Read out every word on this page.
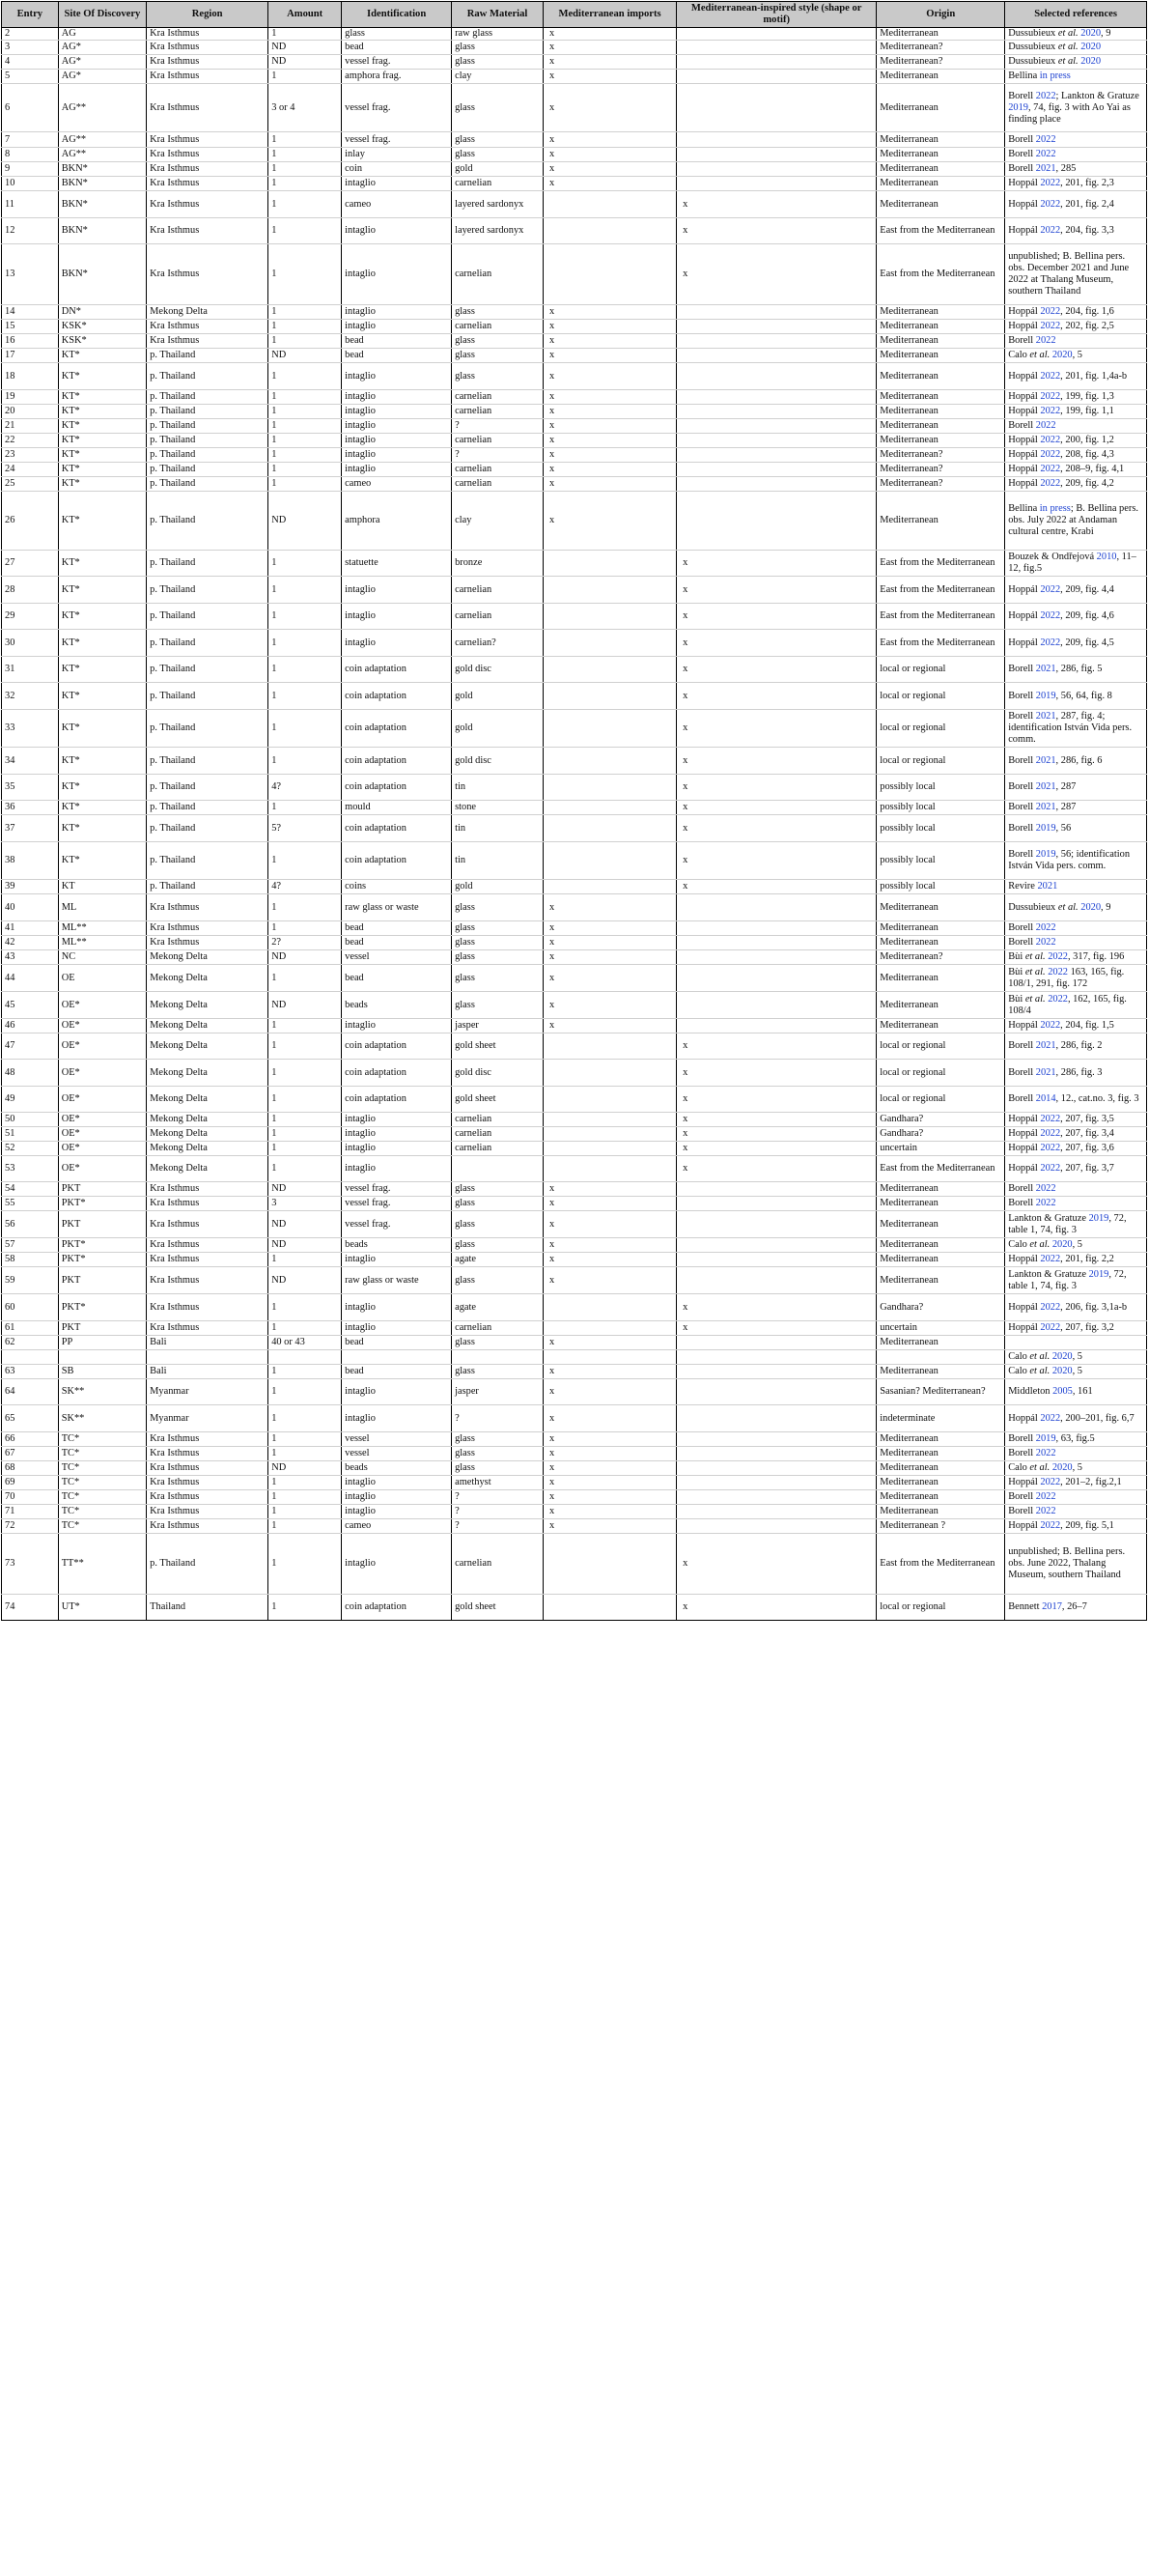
Entry	Site Of Discovery	Region	Amount	Identification	Raw Material	Mediterranean imports	Mediterranean-inspired style (shape or motif)	Origin	Selected references
2	AG	Kra Isthmus	1	glass	raw glass	x		Mediterranean	Dussubieux et al. 2020, 9
3	AG*	Kra Isthmus	ND	bead	glass	x		Mediterranean?	Dussubieux et al. 2020
4	AG*	Kra Isthmus	ND	vessel frag.	glass	x		Mediterranean?	Dussubieux et al. 2020
5	AG*	Kra Isthmus	1	amphora frag.	clay	x		Mediterranean	Bellina in press
6	AG**	Kra Isthmus	3 or 4	vessel frag.	glass	x		Mediterranean	Borell 2022; Lankton & Gratuze 2019, 74, fig. 3 with Ao Yai as finding place
7	AG**	Kra Isthmus	1	vessel frag.	glass	x		Mediterranean	Borell 2022
8	AG**	Kra Isthmus	1	inlay	glass	x		Mediterranean	Borell 2022
9	BKN*	Kra Isthmus	1	coin	gold	x		Mediterranean	Borell 2021, 285
10	BKN*	Kra Isthmus	1	intaglio	carnelian	x		Mediterranean	Hoppál 2022, 201, fig. 2,3
11	BKN*	Kra Isthmus	1	cameo	layered sardonyx		x	Mediterranean	Hoppál 2022, 201, fig. 2,4
12	BKN*	Kra Isthmus	1	intaglio	layered sardonyx		x	East from the Mediterranean	Hoppál 2022, 204, fig. 3,3
13	BKN*	Kra Isthmus	1	intaglio	carnelian		x	East from the Mediterranean	unpublished; B. Bellina pers. obs. December 2021 and June 2022 at Thalang Museum, southern Thailand
14	DN*	Mekong Delta	1	intaglio	glass	x		Mediterranean	Hoppál 2022, 204, fig. 1,6
15	KSK*	Kra Isthmus	1	intaglio	carnelian	x		Mediterranean	Hoppál 2022, 202, fig. 2,5
16	KSK*	Kra Isthmus	1	bead	glass	x		Mediterranean	Borell 2022
17	KT*	p. Thailand	ND	bead	glass	x		Mediterranean	Calo et al. 2020, 5
18	KT*	p. Thailand	1	intaglio	glass	x		Mediterranean	Hoppál 2022, 201, fig. 1,4a-b
19	KT*	p. Thailand	1	intaglio	carnelian	x		Mediterranean	Hoppál 2022, 199, fig. 1,3
20	KT*	p. Thailand	1	intaglio	carnelian	x		Mediterranean	Hoppál 2022, 199, fig. 1,1
21	KT*	p. Thailand	1	intaglio	?	x		Mediterranean	Borell 2022
22	KT*	p. Thailand	1	intaglio	carnelian	x		Mediterranean	Hoppál 2022, 200, fig. 1,2
23	KT*	p. Thailand	1	intaglio	?	x		Mediterranean?	Hoppál 2022, 208, fig. 4,3
24	KT*	p. Thailand	1	intaglio	carnelian	x		Mediterranean?	Hoppál 2022, 208–9, fig. 4,1
25	KT*	p. Thailand	1	cameo	carnelian	x		Mediterranean?	Hoppál 2022, 209, fig. 4,2
26	KT*	p. Thailand	ND	amphora	clay	x		Mediterranean	Bellina in press; B. Bellina pers. obs. July 2022 at Andaman cultural centre, Krabi
27	KT*	p. Thailand	1	statuette	bronze		x	East from the Mediterranean	Bouzek & Ondřejová 2010, 11–12, fig.5
28	KT*	p. Thailand	1	intaglio	carnelian		x	East from the Mediterranean	Hoppál 2022, 209, fig. 4,4
29	KT*	p. Thailand	1	intaglio	carnelian		x	East from the Mediterranean	Hoppál 2022, 209, fig. 4,6
30	KT*	p. Thailand	1	intaglio	carnelian?		x	East from the Mediterranean	Hoppál 2022, 209, fig. 4,5
31	KT*	p. Thailand	1	coin adaptation	gold disc		x	local or regional	Borell 2021, 286, fig. 5
32	KT*	p. Thailand	1	coin adaptation	gold		x	local or regional	Borell 2019, 56, 64, fig. 8
33	KT*	p. Thailand	1	coin adaptation	gold		x	local or regional	Borell 2021, 287, fig. 4; identification István Vida pers. comm.
34	KT*	p. Thailand	1	coin adaptation	gold disc		x	local or regional	Borell 2021, 286, fig. 6
35	KT*	p. Thailand	4?	coin adaptation	tin		x	possibly local	Borell 2021, 287
36	KT*	p. Thailand	1	mould	stone		x	possibly local	Borell 2021, 287
37	KT*	p. Thailand	5?	coin adaptation	tin		x	possibly local	Borell 2019, 56
38	KT*	p. Thailand	1	coin adaptation	tin		x	possibly local	Borell 2019, 56; identification István Vida pers. comm.
39	KT	p. Thailand	4?	coins	gold		x	possibly local	Revire 2021
40	ML	Kra Isthmus	1	raw glass or waste	glass	x		Mediterranean	Dussubieux et al. 2020, 9
41	ML**	Kra Isthmus	1	bead	glass	x		Mediterranean	Borell 2022
42	ML**	Kra Isthmus	2?	bead	glass	x		Mediterranean	Borell 2022
43	NC	Mekong Delta	ND	vessel	glass	x		Mediterranean?	Bùi et al. 2022, 317, fig. 196
44	OE	Mekong Delta	1	bead	glass	x		Mediterranean	Bùi et al. 2022 163, 165, fig. 108/1, 291, fig. 172
45	OE*	Mekong Delta	ND	beads	glass	x		Mediterranean	Bùi et al. 2022, 162, 165, fig. 108/4
46	OE*	Mekong Delta	1	intaglio	jasper	x		Mediterranean	Hoppál 2022, 204, fig. 1,5
47	OE*	Mekong Delta	1	coin adaptation	gold sheet		x	local or regional	Borell 2021, 286, fig. 2
48	OE*	Mekong Delta	1	coin adaptation	gold disc		x	local or regional	Borell 2021, 286, fig. 3
49	OE*	Mekong Delta	1	coin adaptation	gold sheet		x	local or regional	Borell 2014, 12., cat.no. 3, fig. 3
50	OE*	Mekong Delta	1	intaglio	carnelian		x	Gandhara?	Hoppál 2022, 207, fig. 3,5
51	OE*	Mekong Delta	1	intaglio	carnelian		x	Gandhara?	Hoppál 2022, 207, fig. 3,4
52	OE*	Mekong Delta	1	intaglio	carnelian		x	uncertain	Hoppál 2022, 207, fig. 3,6
53	OE*	Mekong Delta	1	intaglio			x	East from the Mediterranean	Hoppál 2022, 207, fig. 3,7
54	PKT	Kra Isthmus	ND	vessel frag.	glass	x		Mediterranean	Borell 2022
55	PKT*	Kra Isthmus	3	vessel frag.	glass	x		Mediterranean	Borell 2022
56	PKT	Kra Isthmus	ND	vessel frag.	glass	x		Mediterranean	Lankton & Gratuze 2019, 72, table 1, 74, fig. 3
57	PKT*	Kra Isthmus	ND	beads	glass	x		Mediterranean	Calo et al. 2020, 5
58	PKT*	Kra Isthmus	1	intaglio	agate	x		Mediterranean	Hoppál 2022, 201, fig. 2,2
59	PKT	Kra Isthmus	ND	raw glass or waste	glass	x		Mediterranean	Lankton & Gratuze 2019, 72, table 1, 74, fig. 3
60	PKT*	Kra Isthmus	1	intaglio	agate		x	Gandhara?	Hoppál 2022, 206, fig. 3,1a-b
61	PKT	Kra Isthmus	1	intaglio	carnelian		x	uncertain	Hoppál 2022, 207, fig. 3,2
62	PP	Bali	40 or 43	bead	glass	x		Mediterranean	
									Calo et al. 2020, 5
63	SB	Bali	1	bead	glass	x		Mediterranean	Calo et al. 2020, 5
64	SK**	Myanmar	1	intaglio	jasper	x		Sasanian? Mediterranean?	Middleton 2005, 161
65	SK**	Myanmar	1	intaglio	?	x		indeterminate	Hoppál 2022, 200–201, fig. 6,7
66	TC*	Kra Isthmus	1	vessel	glass	x		Mediterranean	Borell 2019, 63, fig.5
67	TC*	Kra Isthmus	1	vessel	glass	x		Mediterranean	Borell 2022
68	TC*	Kra Isthmus	ND	beads	glass	x		Mediterranean	Calo et al. 2020, 5
69	TC*	Kra Isthmus	1	intaglio	amethyst	x		Mediterranean	Hoppál 2022, 201–2, fig.2,1
70	TC*	Kra Isthmus	1	intaglio	?	x		Mediterranean	Borell 2022
71	TC*	Kra Isthmus	1	intaglio	?	x		Mediterranean	Borell 2022
72	TC*	Kra Isthmus	1	cameo	?	x		Mediterranean ?	Hoppál 2022, 209, fig. 5,1
73	TT**	p. Thailand	1	intaglio	carnelian		x	East from the Mediterranean	unpublished; B. Bellina pers. obs. June 2022, Thalang Museum, southern Thailand
74	UT*	Thailand	1	coin adaptation	gold sheet		x	local or regional	Bennett 2017, 26–7
